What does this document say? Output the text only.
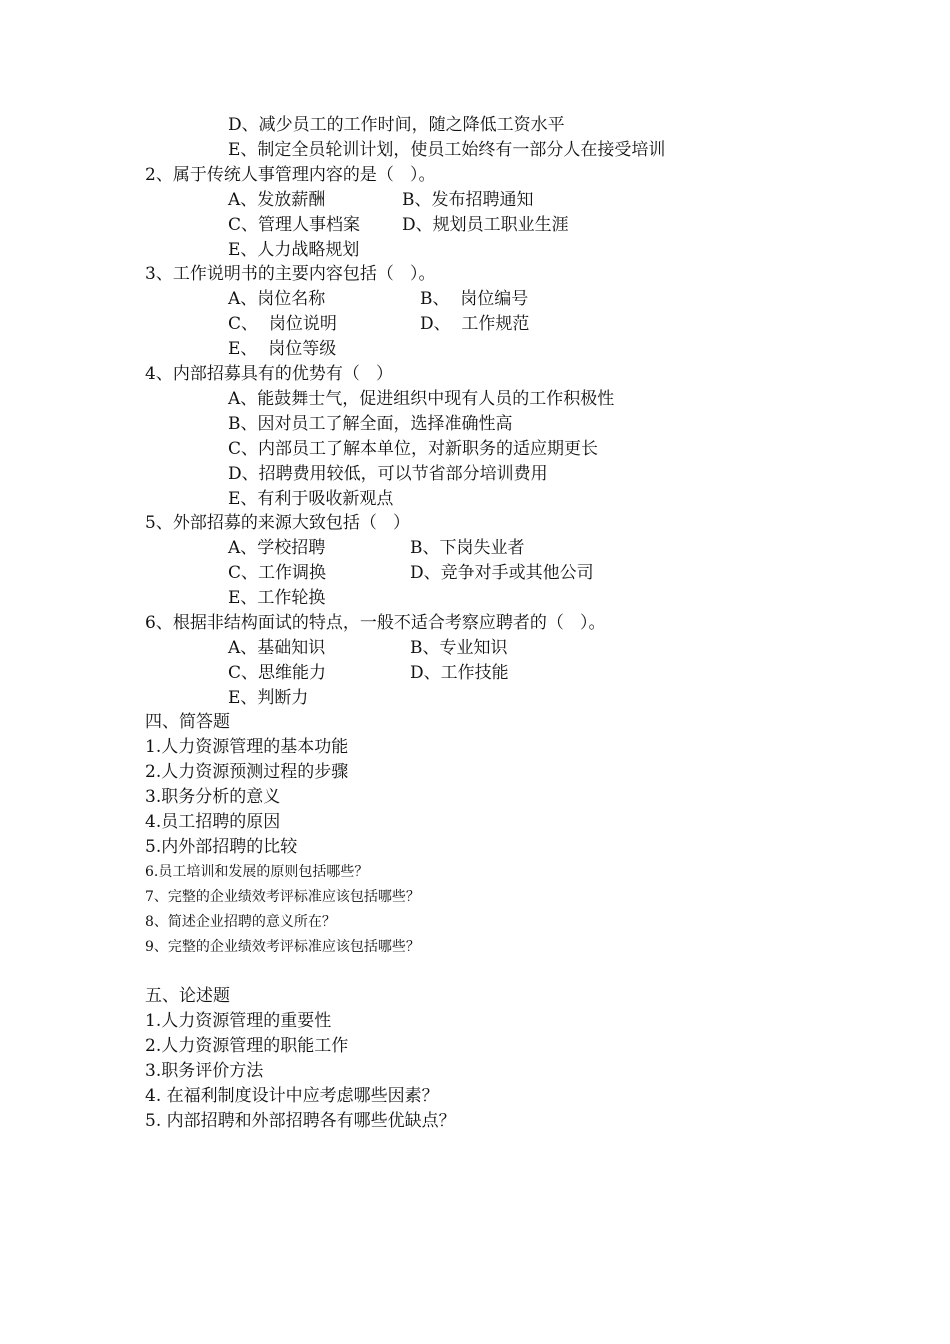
D、减少员工的工作时间，随之降低工资水平
E、制定全员轮训计划，使员工始终有一部分人在接受培训
2、属于传统人事管理内容的是（   ）。
A、发放薪酬	B、发布招聘通知
C、管理人事档案 D、规划员工职业生涯
E、人力战略规划
3、工作说明书的主要内容包括（   ）。
A、岗位名称	B、  岗位编号
C、  岗位说明	D、  工作规范
E、  岗位等级
4、内部招募具有的优势有（   ）
A、能鼓舞士气，促进组织中现有人员的工作积极性
B、因对员工了解全面，选择准确性高
C、内部员工了解本单位，对新职务的适应期更长
D、招聘费用较低，可以节省部分培训费用
E、有利于吸收新观点
5、外部招募的来源大致包括（   ）
A、学校招聘	B、下岗失业者
C、工作调换	D、竞争对手或其他公司
E、工作轮换
6、根据非结构面试的特点，一般不适合考察应聘者的（   ）。
A、基础知识	B、专业知识
C、思维能力	D、工作技能
E、判断力
四、简答题
1.人力资源管理的基本功能
2.人力资源预测过程的步骤
3.职务分析的意义
4.员工招聘的原因
5.内外部招聘的比较
6.员工培训和发展的原则包括哪些？
7、完整的企业绩效考评标准应该包括哪些？
8、简述企业招聘的意义所在？
9、完整的企业绩效考评标准应该包括哪些？
五、论述题
1.人力资源管理的重要性
2.人力资源管理的职能工作
3.职务评价方法
4. 在福利制度设计中应考虑哪些因素？
5. 内部招聘和外部招聘各有哪些优缺点？
